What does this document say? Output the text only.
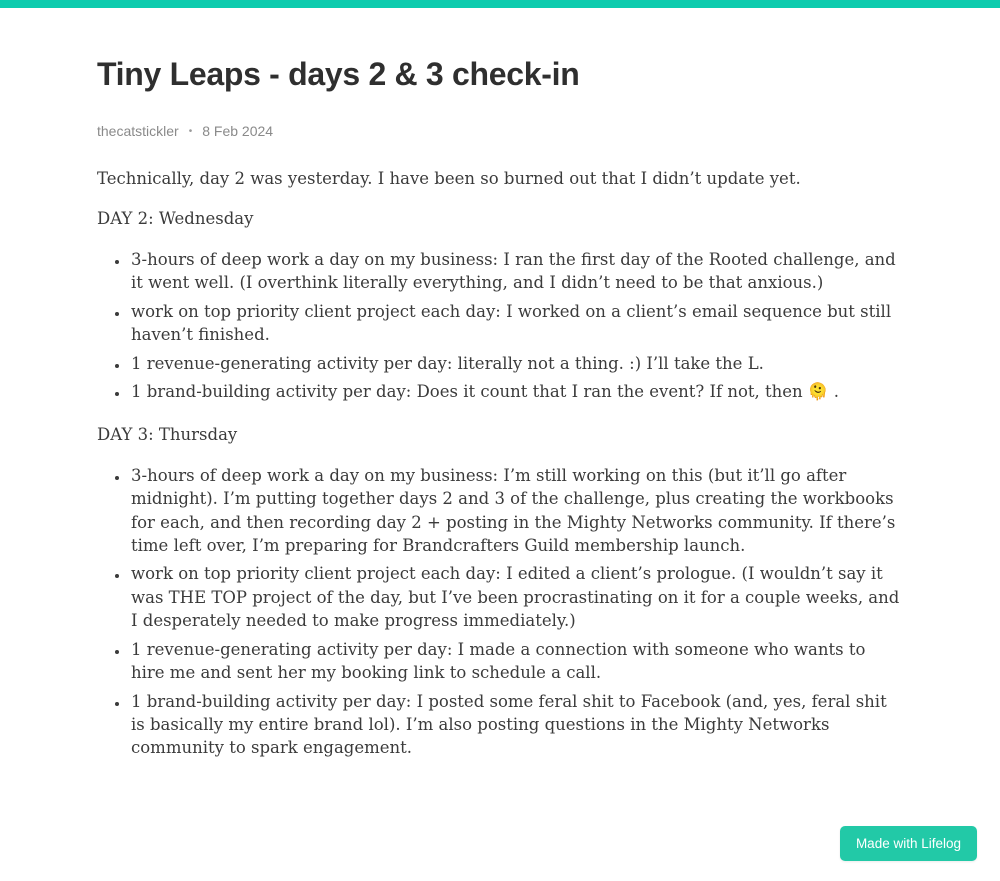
Tiny Leaps - days 2 & 3 check-in
thecatstickler • 8 Feb 2024

Technically, day 2 was yesterday. I have been so burned out that I didn’t update yet.

DAY 2: Wednesday
• 3-hours of deep work a day on my business: I ran the first day of the Rooted challenge, and it went well. (I overthink literally everything, and I didn’t need to be that anxious.)
• work on top priority client project each day: I worked on a client’s email sequence but still haven’t finished.
• 1 revenue-generating activity per day: literally not a thing. :) I’ll take the L.
• 1 brand-building activity per day: Does it count that I ran the event? If not, then 🫠 .
DAY 3: Thursday
• 3-hours of deep work a day on my business: I’m still working on this (but it’ll go after midnight). I’m putting together days 2 and 3 of the challenge, plus creating the workbooks for each, and then recording day 2 + posting in the Mighty Networks community. If there’s time left over, I’m preparing for Brandcrafters Guild membership launch.
• work on top priority client project each day: I edited a client’s prologue. (I wouldn’t say it was THE TOP project of the day, but I’ve been procrastinating on it for a couple weeks, and I desperately needed to make progress immediately.)
• 1 revenue-generating activity per day: I made a connection with someone who wants to hire me and sent her my booking link to schedule a call.
• 1 brand-building activity per day: I posted some feral shit to Facebook (and, yes, feral shit is basically my entire brand lol). I’m also posting questions in the Mighty Networks community to spark engagement.
Made with Lifelog
